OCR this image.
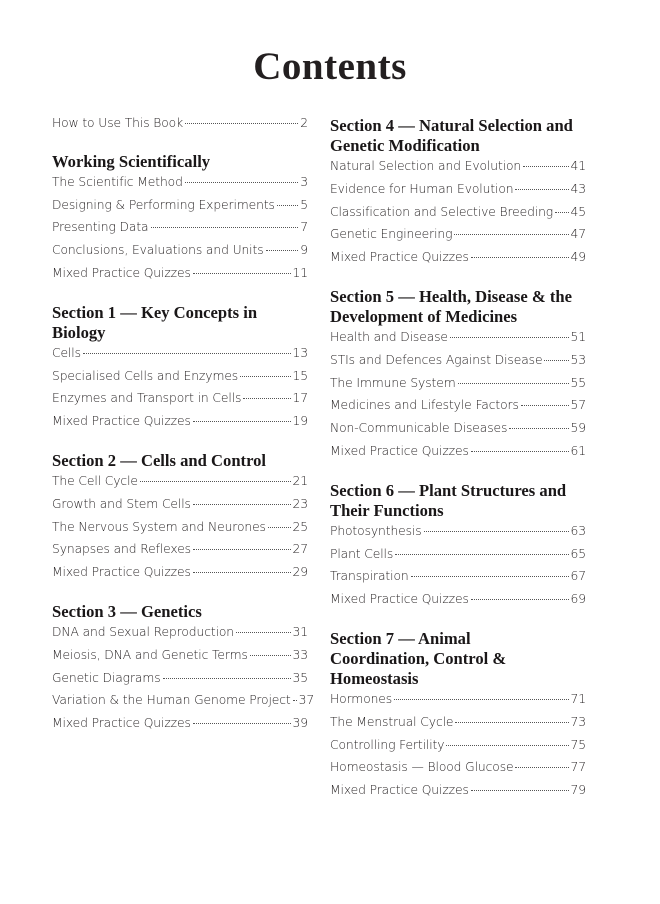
Contents
How to Use This Book	2
Working Scientifically
The Scientific Method	3
Designing & Performing Experiments 5
Presenting Data	7
Conclusions, Evaluations and Units	9
Mixed Practice Quizzes	11
Section 1 — Key Concepts in Biology
Cells	13
Specialised Cells and Enzymes	15
Enzymes and Transport in Cells	17
Mixed Practice Quizzes	19
Section 2 — Cells and Control
The Cell Cycle	21
Growth and Stem Cells	23
The Nervous System and Neurones 25
Synapses and Reflexes	27
Mixed Practice Quizzes	29
Section 3 — Genetics
DNA and Sexual Reproduction	31
Meiosis, DNA and Genetic Terms	33
Genetic Diagrams	35
Variation & the Human Genome Project 37
Mixed Practice Quizzes	39
Section 4 — Natural Selection and Genetic Modification
Natural Selection and Evolution	41
Evidence for Human Evolution	43
Classification and Selective Breeding 45
Genetic Engineering	47
Mixed Practice Quizzes	49
Section 5 — Health, Disease & the Development of Medicines
Health and Disease	51
STIs and Defences Against Disease 53
The Immune System	55
Medicines and Lifestyle Factors	57
Non-Communicable Diseases	59
Mixed Practice Quizzes	61
Section 6 — Plant Structures and Their Functions
Photosynthesis	63
Plant Cells	65
Transpiration	67
Mixed Practice Quizzes	69
Section 7 — Animal Coordination, Control & Homeostasis
Hormones	71
The Menstrual Cycle	73
Controlling Fertility	75
Homeostasis — Blood Glucose	77
Mixed Practice Quizzes	79
